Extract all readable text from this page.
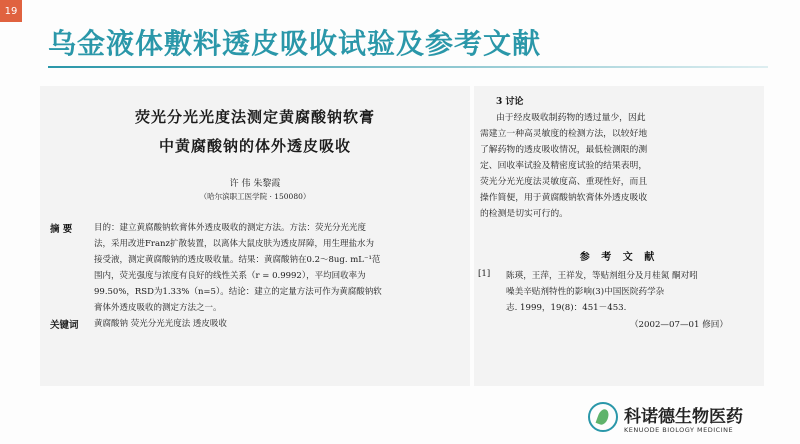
19
乌金液体敷料透皮吸收试验及参考文献
荧光分光光度法测定黄腐酸钠软膏
中黄腐酸钠的体外透皮吸收
许 伟 朱黎霞
（哈尔滨职工医学院 · 150080）
摘 要	目的：建立黄腐酸钠软膏体外透皮吸收的测定方法。方法：荧光分光光度
法，采用改进Franz扩散装置，以离体大鼠皮肤为透皮屏障，用生理盐水为
接受液，测定黄腐酸钠的透皮吸收量。结果：黄腐酸钠在0.2～8ug. mL⁻¹范
围内，荧光强度与浓度有良好的线性关系（r = 0.9992），平均回收率为
99.50%，RSD为1.33%（n=5）。结论：建立的定量方法可作为黄腐酸钠软
膏体外透皮吸收的测定方法之一。
关键词 黄腐酸钠 荧光分光光度法 透皮吸收
3 讨论
由于经皮吸收制药物的透过量少，因此
需建立一种高灵敏度的检测方法，以较好地
了解药物的透皮吸收情况，最低检测限的测
定、回收率试验及精密度试验的结果表明，
荧光分光光度法灵敏度高、重现性好，而且
操作简便，用于黄腐酸钠软膏体外透皮吸收
的检测是切实可行的。
参 考 文 献
[1] 陈瑛，王萍，王祥发，等贴剂组分及月桂氮 酮对吲
噪美辛贴剂特性的影响(3)中国医院药学杂
志. 1999，19(8)：451－453.
（2002—07—01 修回）
科诺德生物医药
KENUODE BIOLOGY MEDICINE
